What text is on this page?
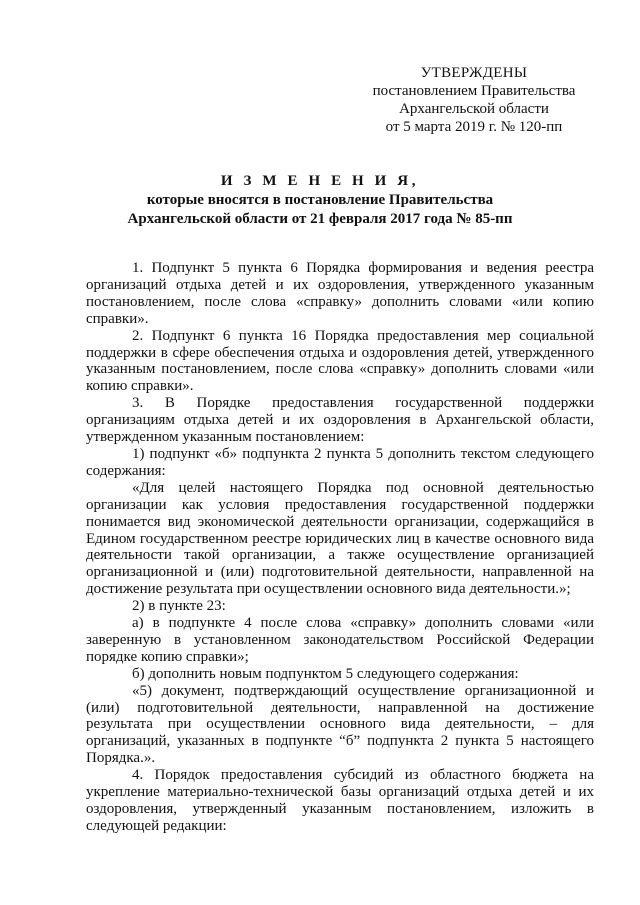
УТВЕРЖДЕНЫ
постановлением Правительства
Архангельской области
от 5 марта 2019 г. № 120-пп
И З М Е Н Е Н И Я,
которые вносятся в постановление Правительства
Архангельской области от 21 февраля 2017 года № 85-пп

1. Подпункт 5 пункта 6 Порядка формирования и ведения реестра организаций отдыха детей и их оздоровления, утвержденного указанным постановлением, после слова «справку» дополнить словами «или копию справки».

2. Подпункт 6 пункта 16 Порядка предоставления мер социальной поддержки в сфере обеспечения отдыха и оздоровления детей, утвержденного указанным постановлением, после слова «справку» дополнить словами «или копию справки».

3. В Порядке предоставления государственной поддержки организациям отдыха детей и их оздоровления в Архангельской области, утвержденном указанным постановлением:

1) подпункт «б» подпункта 2 пункта 5 дополнить текстом следующего содержания:

«Для целей настоящего Порядка под основной деятельностью организации как условия предоставления государственной поддержки понимается вид экономической деятельности организации, содержащийся в Едином государственном реестре юридических лиц в качестве основного вида деятельности такой организации, а также осуществление организацией организационной и (или) подготовительной деятельности, направленной на достижение результата при осуществлении основного вида деятельности.»;

2) в пункте 23:

а) в подпункте 4 после слова «справку» дополнить словами «или заверенную в установленном законодательством Российской Федерации порядке копию справки»;

б) дополнить новым подпунктом 5 следующего содержания:

«5) документ, подтверждающий осуществление организационной и (или) подготовительной деятельности, направленной на достижение результата при осуществлении основного вида деятельности, – для организаций, указанных в подпункте “б” подпункта 2 пункта 5 настоящего Порядка.».

4. Порядок предоставления субсидий из областного бюджета на укрепление материально-технической базы организаций отдыха детей и их оздоровления, утвержденный указанным постановлением, изложить в следующей редакции:
